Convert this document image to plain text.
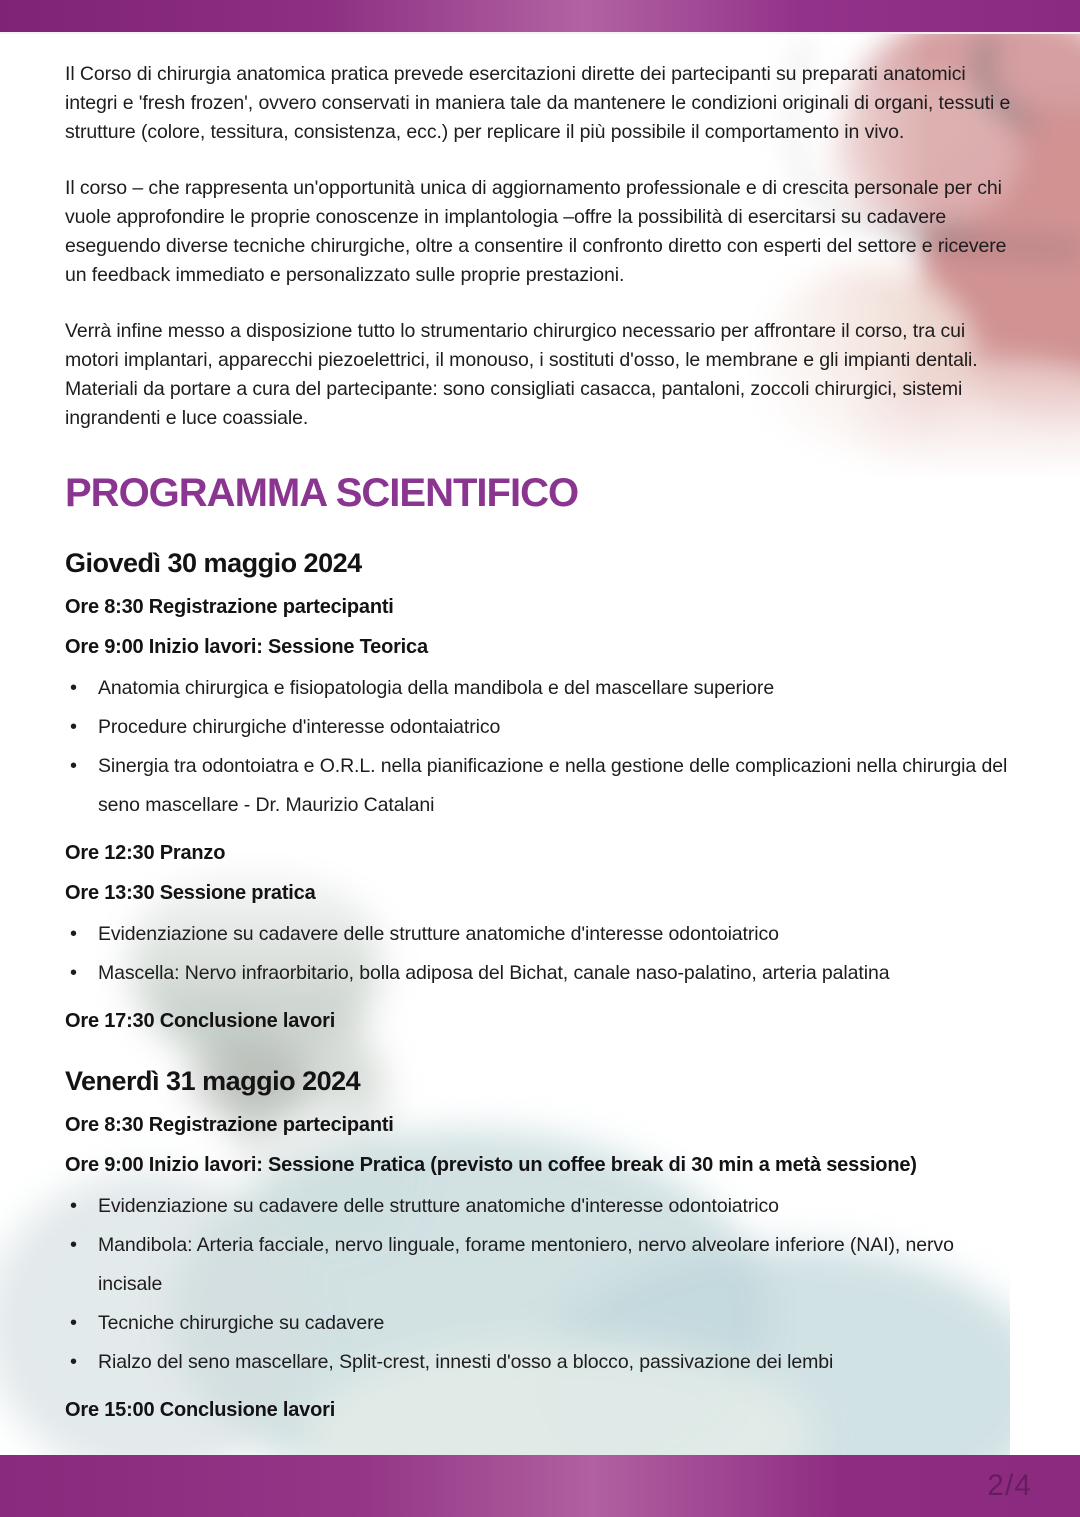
Il Corso di chirurgia anatomica pratica prevede esercitazioni dirette dei partecipanti su preparati anatomici integri e 'fresh frozen', ovvero conservati in maniera tale da mantenere le condizioni originali di organi, tessuti e strutture (colore, tessitura, consistenza, ecc.) per replicare il più possibile il comportamento in vivo.

Il corso – che rappresenta un'opportunità unica di aggiornamento professionale e di crescita personale per chi vuole approfondire le proprie conoscenze in implantologia –offre la possibilità di esercitarsi su cadavere eseguendo diverse tecniche chirurgiche, oltre a consentire il confronto diretto con esperti del settore e ricevere un feedback immediato e personalizzato sulle proprie prestazioni.

Verrà infine messo a disposizione tutto lo strumentario chirurgico necessario per affrontare il corso, tra cui motori implantari, apparecchi piezoelettrici, il monouso, i sostituti d'osso, le membrane e gli impianti dentali. Materiali da portare a cura del partecipante: sono consigliati casacca, pantaloni, zoccoli chirurgici, sistemi ingrandenti e luce coassiale.

PROGRAMMA SCIENTIFICO
Giovedì 30 maggio 2024

Ore 8:30 Registrazione partecipanti

Ore 9:00 Inizio lavori: Sessione Teorica

• Anatomia chirurgica e fisiopatologia della mandibola e del mascellare superiore
• Procedure chirurgiche d'interesse odontaiatrico
• Sinergia tra odontoiatra e O.R.L. nella pianificazione e nella gestione delle complicazioni nella chirurgia del seno mascellare - Dr. Maurizio Catalani

Ore 12:30 Pranzo

Ore 13:30 Sessione pratica

• Evidenziazione su cadavere delle strutture anatomiche d'interesse odontoiatrico
• Mascella: Nervo infraorbitario, bolla adiposa del Bichat, canale naso-palatino, arteria palatina

Ore 17:30 Conclusione lavori

Venerdì 31 maggio 2024

Ore 8:30 Registrazione partecipanti

Ore 9:00 Inizio lavori: Sessione Pratica (previsto un coffee break di 30 min a metà sessione)

• Evidenziazione su cadavere delle strutture anatomiche d'interesse odontoiatrico
• Mandibola: Arteria facciale, nervo linguale, forame mentoniero, nervo alveolare inferiore (NAI), nervo incisale
• Tecniche chirurgiche su cadavere
• Rialzo del seno mascellare, Split-crest, innesti d'osso a blocco, passivazione dei lembi

Ore 15:00 Conclusione lavori

2/4
